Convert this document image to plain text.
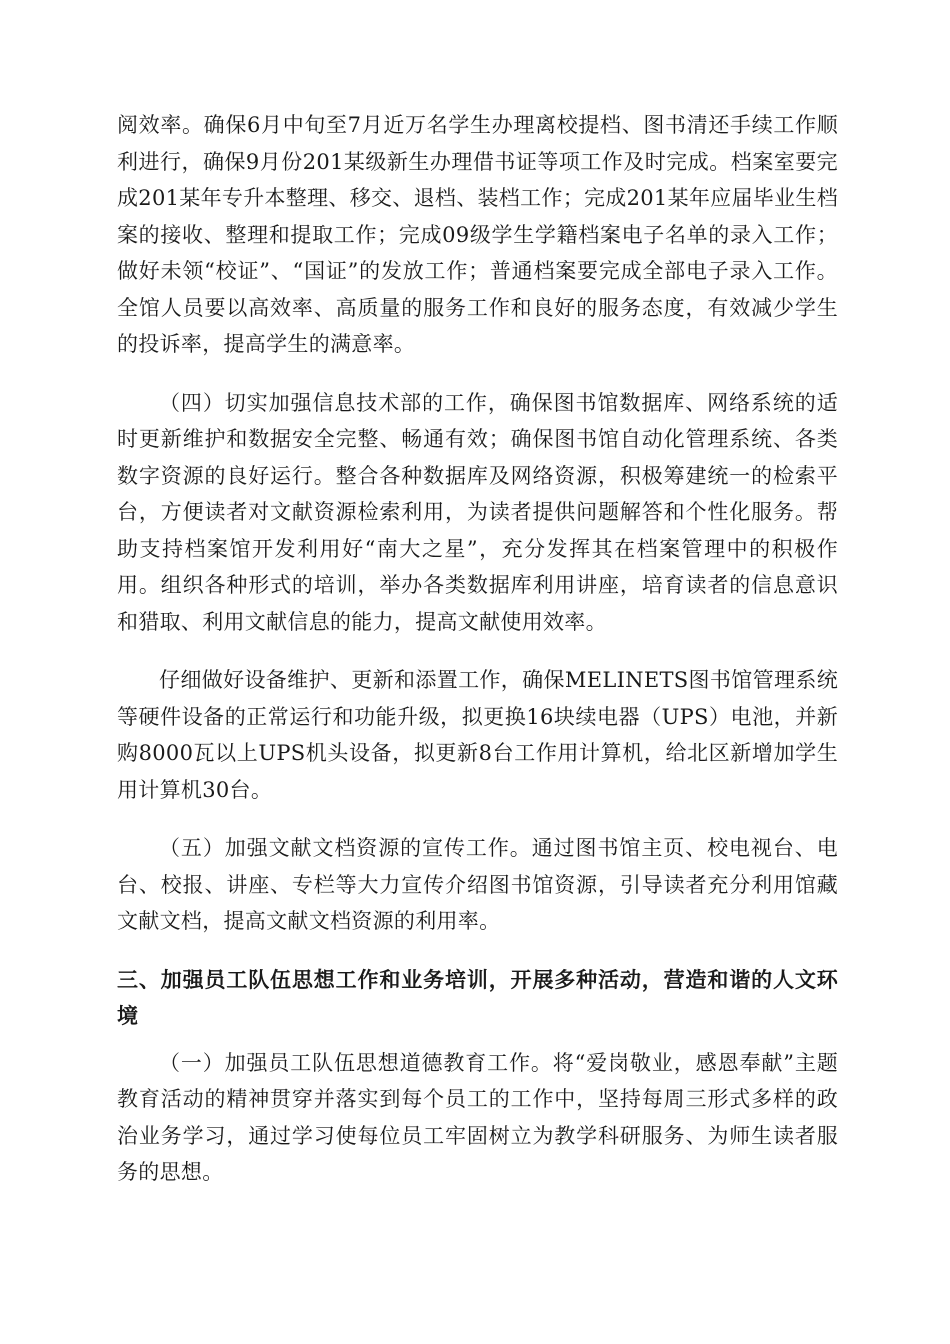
阅效率。确保6月中旬至7月近万名学生办理离校提档、图书清还手续工作顺利进行，确保9月份201某级新生办理借书证等项工作及时完成。档案室要完成201某年专升本整理、移交、退档、装档工作；完成201某年应届毕业生档案的接收、整理和提取工作；完成09级学生学籍档案电子名单的录入工作；做好未领“校证”、“国证”的发放工作；普通档案要完成全部电子录入工作。全馆人员要以高效率、高质量的服务工作和良好的服务态度，有效减少学生的投诉率，提高学生的满意率。

（四）切实加强信息技术部的工作，确保图书馆数据库、网络系统的适时更新维护和数据安全完整、畅通有效；确保图书馆自动化管理系统、各类数字资源的良好运行。整合各种数据库及网络资源，积极筹建统一的检索平台，方便读者对文献资源检索利用，为读者提供问题解答和个性化服务。帮助支持档案馆开发利用好“南大之星”，充分发挥其在档案管理中的积极作用。组织各种形式的培训，举办各类数据库利用讲座，培育读者的信息意识和猎取、利用文献信息的能力，提高文献使用效率。

仔细做好设备维护、更新和添置工作，确保MELINETS图书馆管理系统等硬件设备的正常运行和功能升级，拟更换16块续电器（UPS）电池，并新购8000瓦以上UPS机头设备，拟更新8台工作用计算机，给北区新增加学生用计算机30台。

（五）加强文献文档资源的宣传工作。通过图书馆主页、校电视台、电台、校报、讲座、专栏等大力宣传介绍图书馆资源，引导读者充分利用馆藏文献文档，提高文献文档资源的利用率。

三、加强员工队伍思想工作和业务培训，开展多种活动，营造和谐的人文环境

（一）加强员工队伍思想道德教育工作。将“爱岗敬业，感恩奉献”主题教育活动的精神贯穿并落实到每个员工的工作中，坚持每周三形式多样的政治业务学习，通过学习使每位员工牢固树立为教学科研服务、为师生读者服务的思想。
